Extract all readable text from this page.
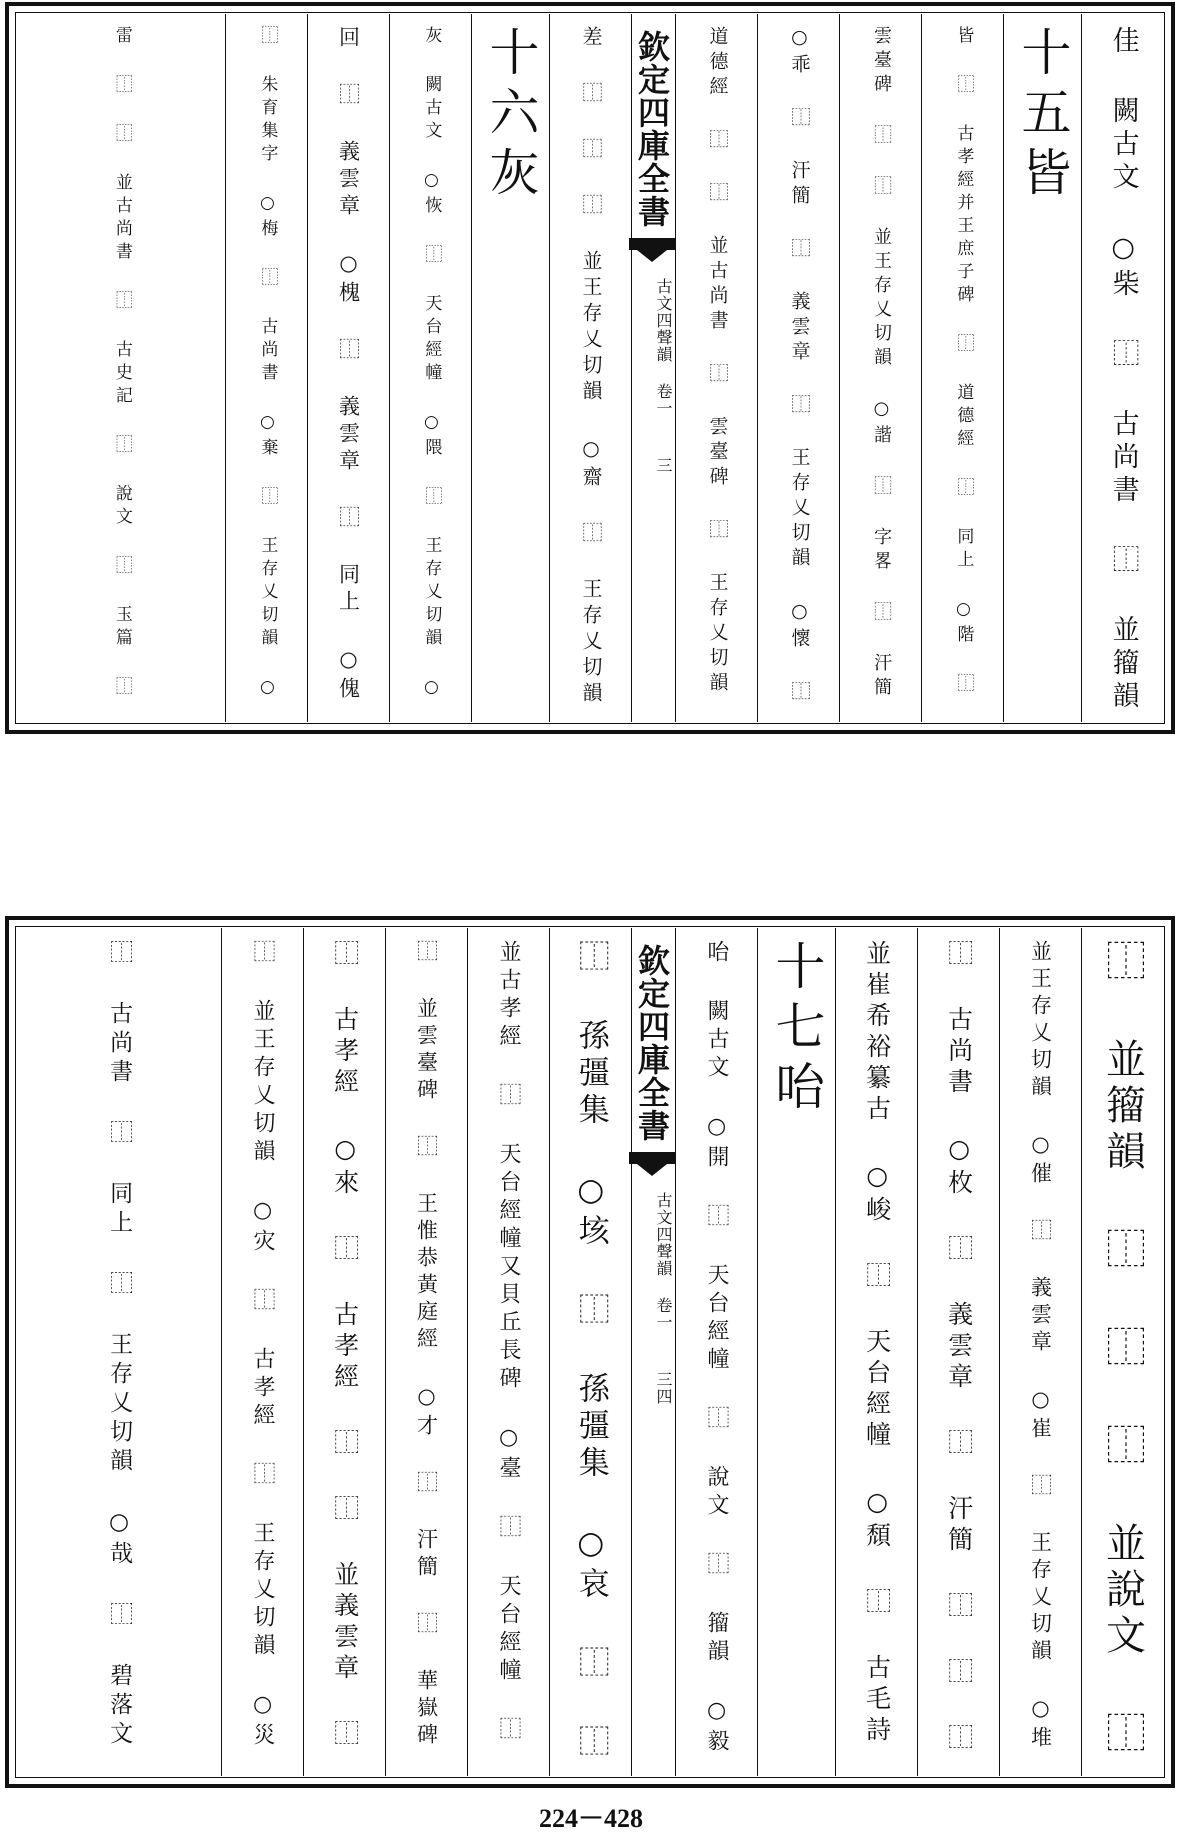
佳 闕古文 ○柴 ⿰ 古尚書 ⿰ 並籀韻
十五皆
皆 ⿰ 古孝經并王庶子碑 ⿰ 道德經 ⿰ 同上 ○階 ⿰
雲臺碑 ⿰ ⿰ 並王存乂切韻 ○諧 ⿰ 字畧 ⿰ 汗簡
○乖 ⿰ 汗簡 ⿰ 義雲章 ⿰ 王存乂切韻 ○懷 ⿰
道德經 ⿰ ⿰ 並古尚書 ⿰ 雲臺碑 ⿰ 王存乂切韻
欽定四庫全書
古文四聲韻 卷一
三
差 ⿰ ⿰ ⿰ 並王存乂切韻 ○齋 ⿰ 王存乂切韻
十六灰
灰 闕古文 ○恢 ⿰ 天台經幢 ○隈 ⿰ 王存乂切韻 ○
回 ⿰ 義雲章 ○槐 ⿰ 義雲章 ⿰ 同上 ○傀
⿰ 朱育集字 ○梅 ⿰ 古尚書 ○棄 ⿰ 王存乂切韻 ○
雷 ⿰ ⿰ 並古尚書 ⿰ 古史記 ⿰ 說文 ⿰ 玉篇 ⿰
⿰ 並籀韻 ⿰ ⿰ ⿰ 並說文 ⿰
並王存乂切韻 ○催 ⿰ 義雲章 ○崔 ⿰ 王存乂切韻 ○堆
⿰ 古尚書 ○枚 ⿰ 義雲章 ⿰ 汗簡 ⿰ ⿰ ⿰
並崔希裕纂古 ○峻 ⿰ 天台經幢 ○頹 ⿰ 古毛詩
十七咍
咍 闕古文 ○開 ⿰ 天台經幢 ⿰ 說文 ⿰ 籀韻 ○毅
欽定四庫全書
古文四聲韻 卷一
三四
⿰ 孫彊集 ○垓 ⿰ 孫彊集 ○哀 ⿰ ⿰
並古孝經 ⿰ 天台經幢又貝丘長碑 ○臺 ⿰ 天台經幢 ⿰
⿰ 並雲臺碑 ⿰ 王惟恭黃庭經 ○才 ⿰ 汗簡 ⿰ 華嶽碑
⿰ 古孝經 ○來 ⿰ 古孝經 ⿰ ⿰ 並義雲章 ⿰
⿰ 並王存乂切韻 ○灾 ⿰ 古孝經 ⿰ 王存乂切韻 ○災
⿰ 古尚書 ⿰ 同上 ⿰ 王存乂切韻 ○哉 ⿰ 碧落文
224－428
